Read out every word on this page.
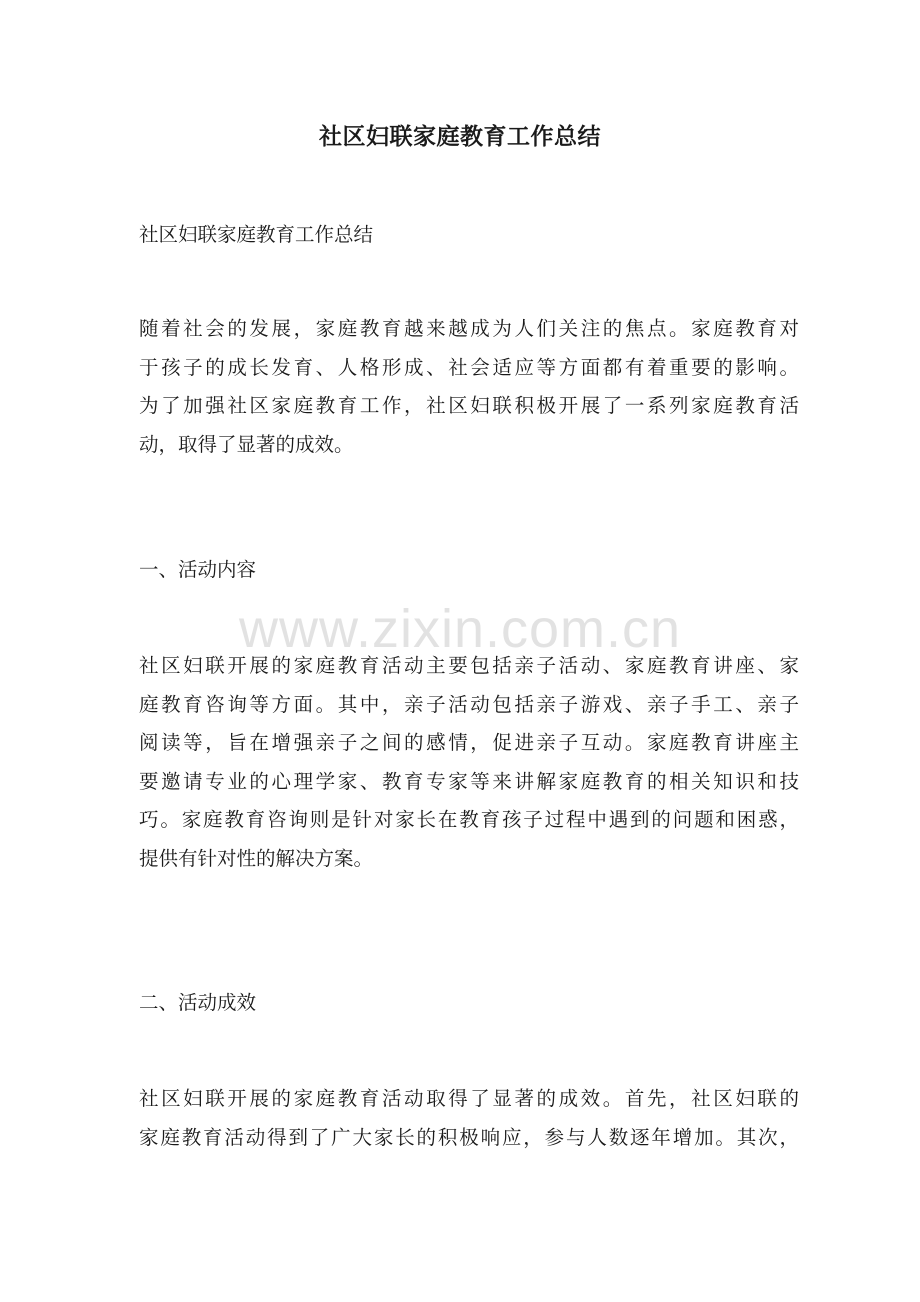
社区妇联家庭教育工作总结

社区妇联家庭教育工作总结

随着社会的发展，家庭教育越来越成为人们关注的焦点。家庭教育对
于孩子的成长发育、人格形成、社会适应等方面都有着重要的影响。
为了加强社区家庭教育工作，社区妇联积极开展了一系列家庭教育活
动，取得了显著的成效。

一、活动内容

www.zixin.com.cn

社区妇联开展的家庭教育活动主要包括亲子活动、家庭教育讲座、家
庭教育咨询等方面。其中，亲子活动包括亲子游戏、亲子手工、亲子
阅读等，旨在增强亲子之间的感情，促进亲子互动。家庭教育讲座主
要邀请专业的心理学家、教育专家等来讲解家庭教育的相关知识和技
巧。家庭教育咨询则是针对家长在教育孩子过程中遇到的问题和困惑，
提供有针对性的解决方案。

二、活动成效

社区妇联开展的家庭教育活动取得了显著的成效。首先，社区妇联的
家庭教育活动得到了广大家长的积极响应，参与人数逐年增加。其次，
